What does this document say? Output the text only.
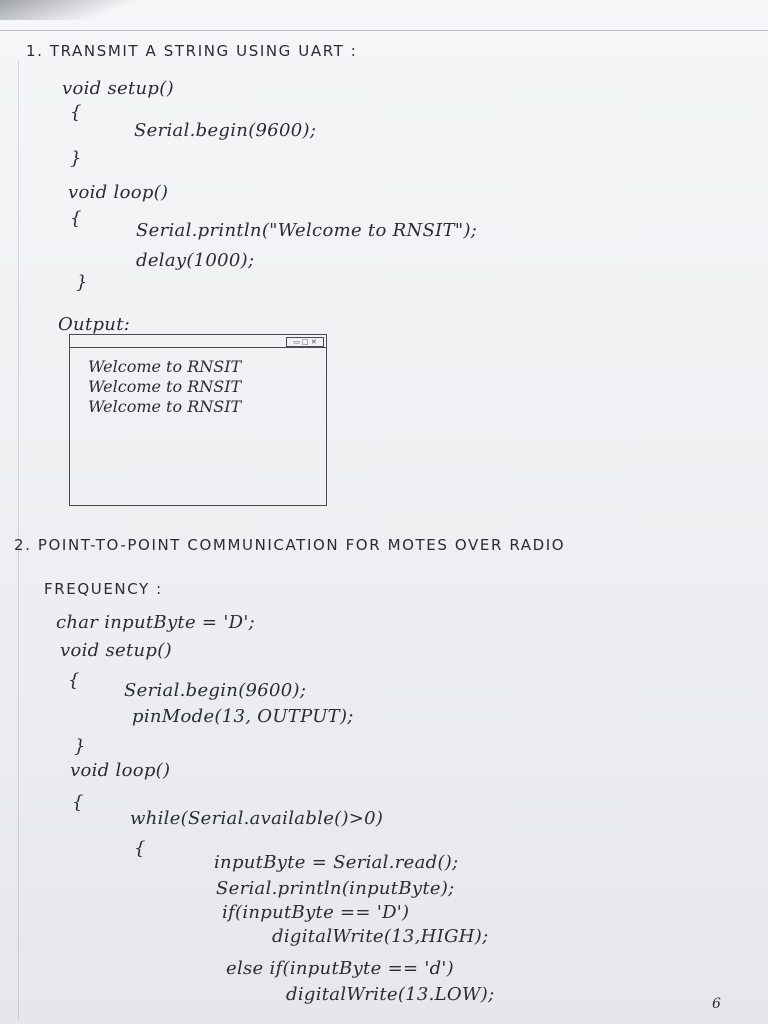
1. TRANSMIT A STRING USING UART :
void setup()
{
Serial.begin(9600);
}
void loop()
{
Serial.println("Welcome to RNSIT");
delay(1000);
}
Output:
▭ □ ✕
Welcome to RNSIT
Welcome to RNSIT
Welcome to RNSIT
2. POINT-TO-POINT COMMUNICATION FOR MOTES OVER RADIO
FREQUENCY :
char inputByte = 'D';
void setup()
{ Serial.begin(9600);
pinMode(13, OUTPUT);
}
void loop()
{
while(Serial.available()>0)
{
inputByte = Serial.read();
Serial.println(inputByte);
if(inputByte == 'D')
digitalWrite(13,HIGH);
else if(inputByte == 'd')
digitalWrite(13.LOW);	6
